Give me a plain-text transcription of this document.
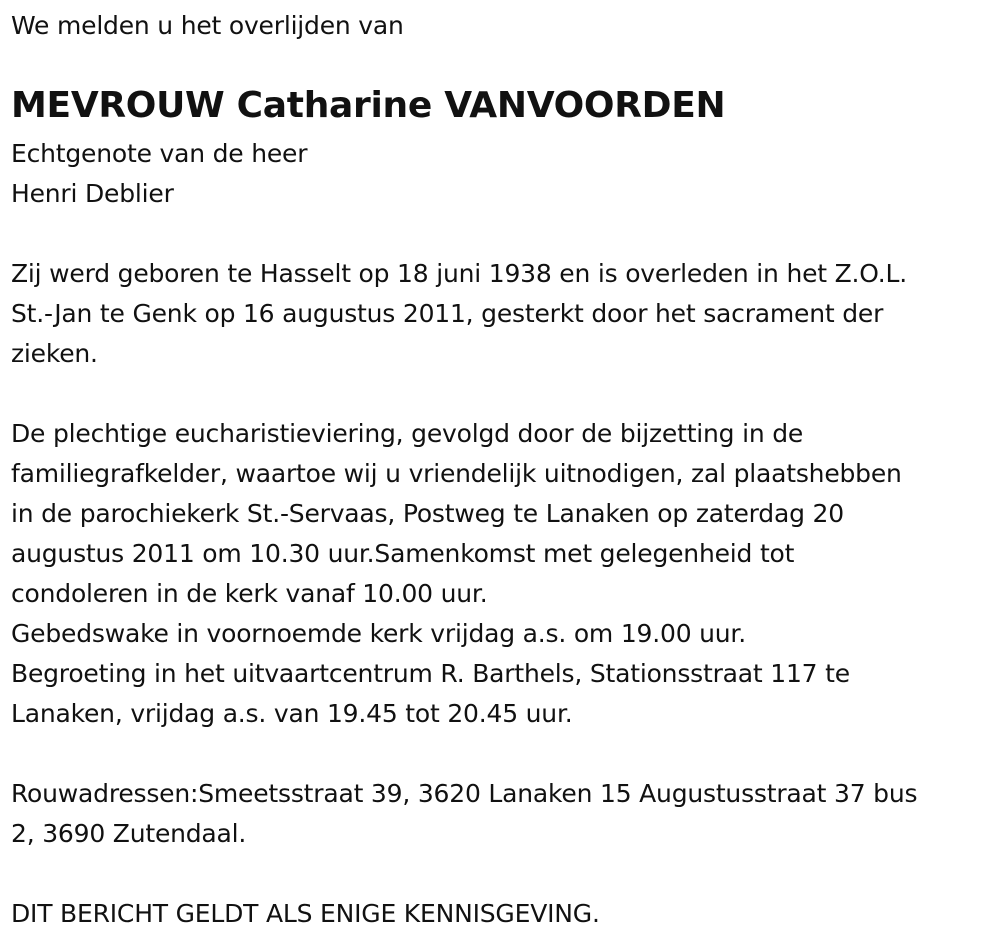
We melden u het overlijden van

MEVROUW Catharine VANVOORDEN

Echtgenote van de heer

Henri Deblier

Zij werd geboren te Hasselt op 18 juni 1938 en is overleden in het Z.O.L.

St.-Jan te Genk op 16 augustus 2011, gesterkt door het sacrament der

zieken.

De plechtige eucharistieviering, gevolgd door de bijzetting in de

familiegrafkelder, waartoe wij u vriendelijk uitnodigen, zal plaatshebben

in de parochiekerk St.-Servaas, Postweg te Lanaken op zaterdag 20

augustus 2011 om 10.30 uur.Samenkomst met gelegenheid tot

condoleren in de kerk vanaf 10.00 uur.

Gebedswake in voornoemde kerk vrijdag a.s. om 19.00 uur.

Begroeting in het uitvaartcentrum R. Barthels, Stationsstraat 117 te

Lanaken, vrijdag a.s. van 19.45 tot 20.45 uur.

Rouwadressen:Smeetsstraat 39, 3620 Lanaken 15 Augustusstraat 37 bus

2, 3690 Zutendaal.

DIT BERICHT GELDT ALS ENIGE KENNISGEVING.
